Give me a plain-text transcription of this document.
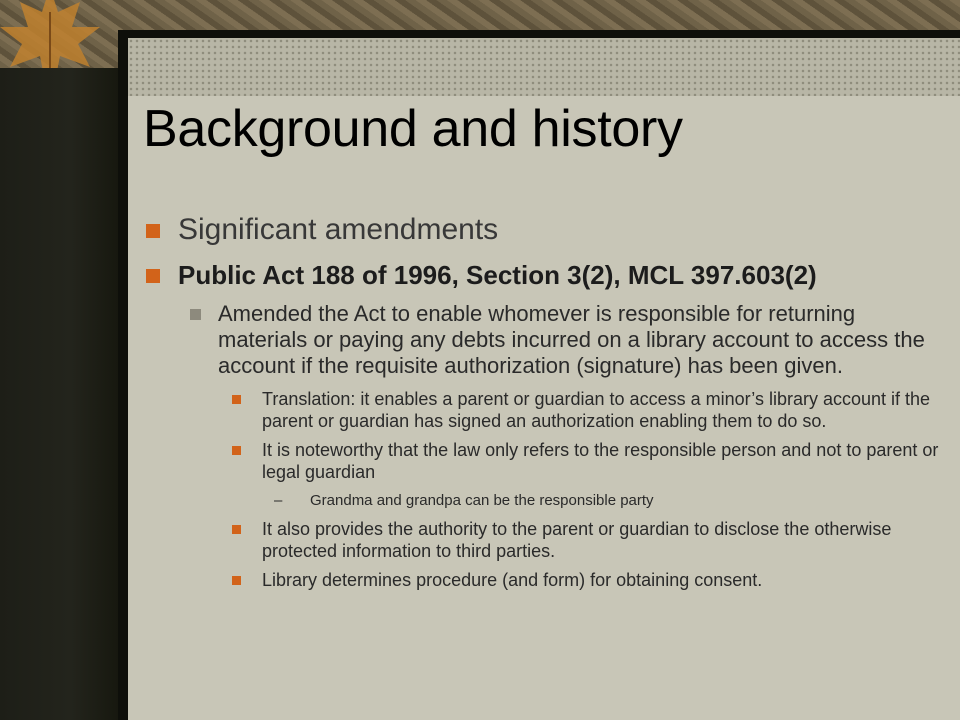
Background and history
Significant amendments
Public Act 188 of 1996, Section 3(2), MCL 397.603(2)
Amended the Act to enable whomever is responsible for returning materials or paying any debts incurred on a library account to access the account if the requisite authorization (signature) has been given.
Translation: it enables a parent or guardian to access a minor’s library account if the parent or guardian has signed an authorization enabling them to do so.
It is noteworthy that the law only refers to the responsible person and not to parent or legal guardian
– Grandma and grandpa can be the responsible party
It also provides the authority to the parent or guardian to disclose the otherwise protected information to third parties.
Library determines procedure (and form) for obtaining consent.
